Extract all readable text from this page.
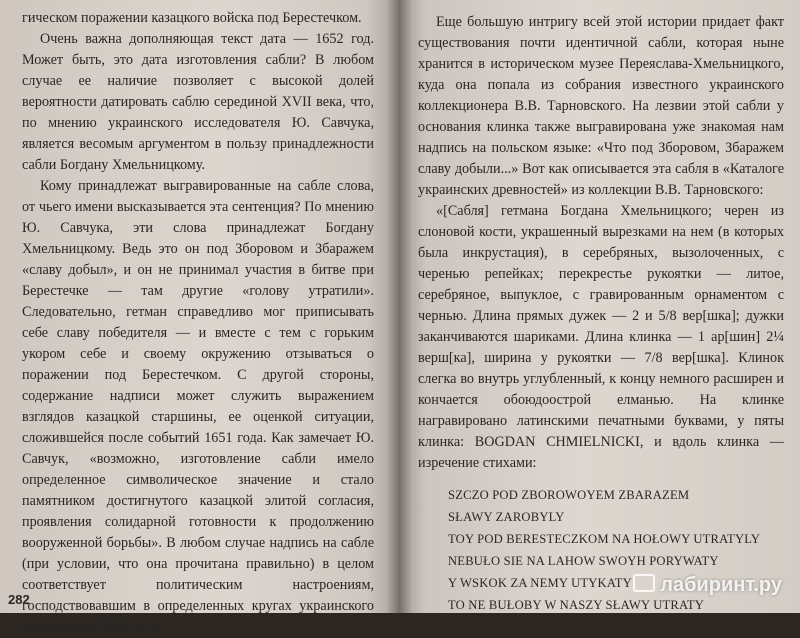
гическом поражении казацкого войска под Берестечком.

Очень важна дополняющая текст дата — 1652 год. Может быть, это дата изготовления сабли? В любом случае ее наличие позволяет с высокой долей вероятности датировать саблю серединой XVII века, что, по мнению украинского исследователя Ю. Савчука, является весомым аргументом в пользу принадлежности сабли Богдану Хмельницкому.

Кому принадлежат выгравированные на сабле слова, от чьего имени высказывается эта сентенция? По мнению Ю. Савчука, эти слова принадлежат Богдану Хмельницкому. Ведь это он под Зборовом и Збаражем «славу добыл», и он не принимал участия в битве при Берестечке — там другие «голову утратили». Следовательно, гетман справедливо мог приписывать себе славу победителя — и вместе с тем с горьким укором себе и своему окружению отзываться о поражении под Берестечком. С другой стороны, содержание надписи может служить выражением взглядов казацкой старшины, ее оценкой ситуации, сложившейся после событий 1651 года. Как замечает Ю. Савчук, «возможно, изготовление сабли имело определенное символическое значение и стало памятником достигнутого казацкой элитой согласия, проявления солидарной готовности к продолжению вооруженной борьбы». В любом случае надпись на сабле (при условии, что она прочитана правильно) в целом соответствует политическим настроениям, господствовавшим в определенных кругах украинского казачества в 1652 году.

282

Еще большую интригу всей этой истории придает факт существования почти идентичной сабли, которая ныне хранится в историческом музее Переяслава-Хмельницкого, куда она попала из собрания известного украинского коллекционера В.В. Тарновского. На лезвии этой сабли у основания клинка также выгравирована уже знакомая нам надпись на польском языке: «Что под Зборовом, Збаражем славу добыли...» Вот как описывается эта сабля в «Каталоге украинских древностей» из коллекции В.В. Тарновского:

«[Сабля] гетмана Богдана Хмельницкого; черен из слоновой кости, украшенный вырезками на нем (в которых была инкрустация), в серебряных, вызолоченных, с черенью репейках; перекрестье рукоятки — литое, серебряное, выпуклое, с гравированным орнаментом с чернью. Длина прямых дужек — 2 и 5/8 вер[шка]; дужки заканчиваются шариками. Длина клинка — 1 ар[шин] 2¼ верш[ка], ширина у рукоятки — 7/8 вер[шка]. Клинок слегка во внутрь углубленный, к концу немного расширен и кончается обоюдоострой елманью. На клинке награвировано латинскими печатными буквами, у пяты клинка: BOGDAN CHMIELNICKI, и вдоль клинка — изречение стихами:

SZCZO POD ZBOROWOYEM ZBARAZEM
SŁAWY ZAROBYLY
TOY POD BERESTECZKOM NA HOŁOWY UTRATYLY
NEBUŁO SIE NA LAHOW SWOYH PORYWATY
Y WSKOK ZA NEMY UTYKATY
TO NE BUŁOBY W NASZY SŁAWY UTRATY
лабиринт.ру
